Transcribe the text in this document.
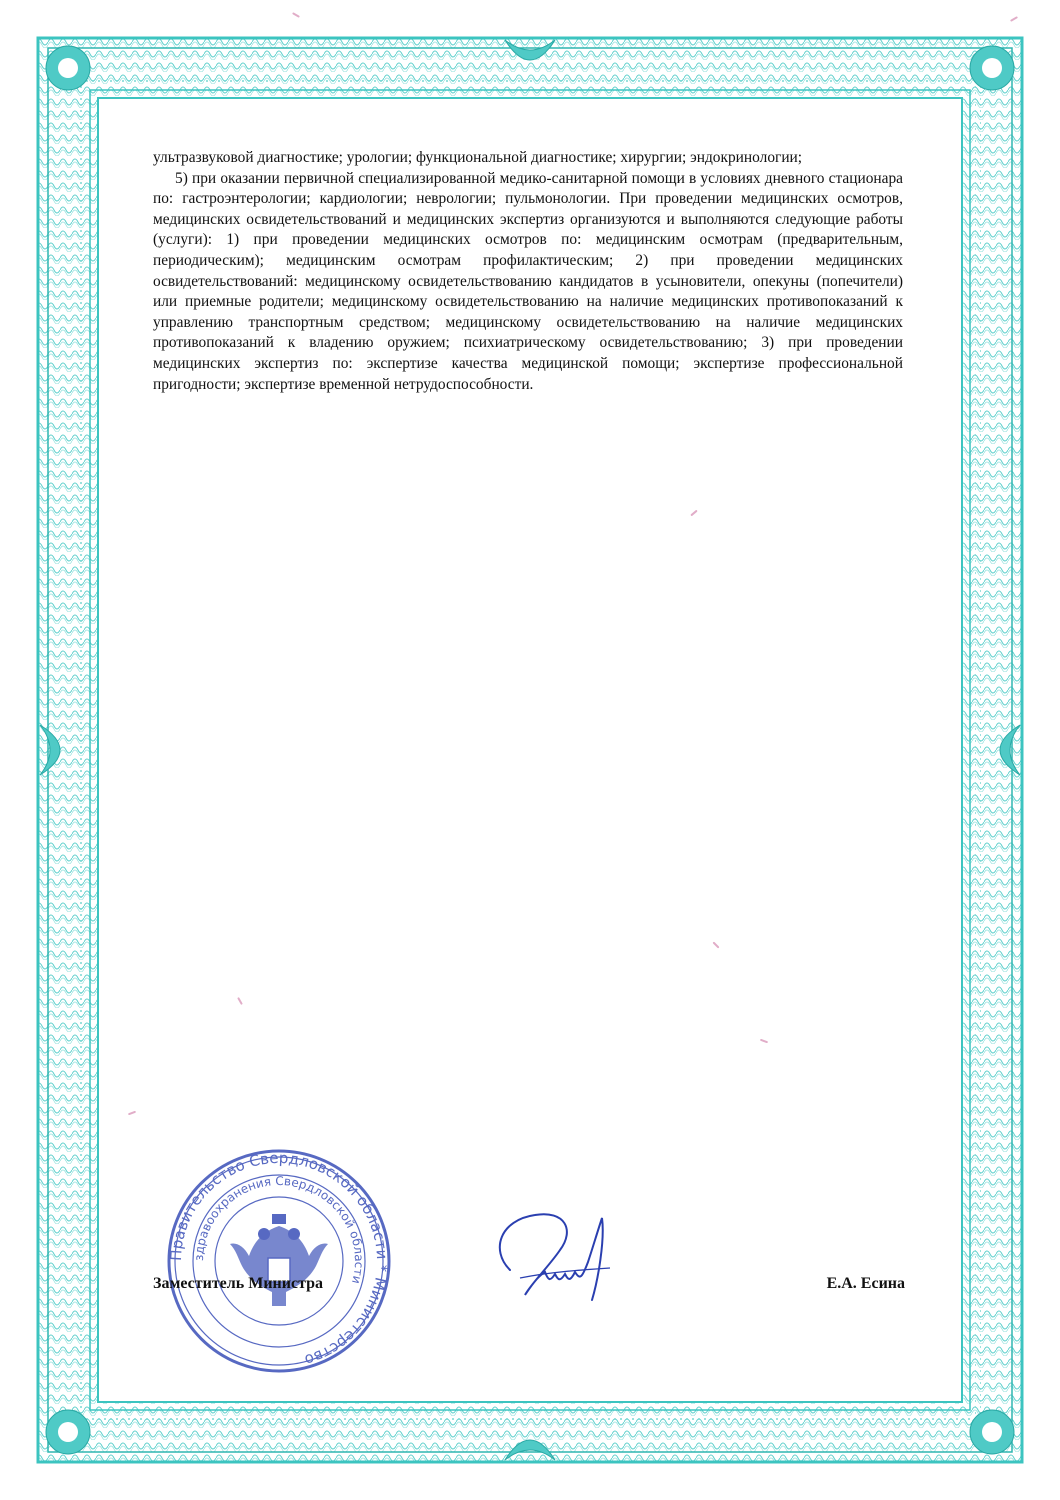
ультразвуковой диагностике; урологии; функциональной диагностике; хирургии; эндокринологии;

5) при оказании первичной специализированной медико-санитарной помощи в условиях дневного стационара по: гастроэнтерологии; кардиологии; неврологии; пульмонологии. При проведении медицинских осмотров, медицинских освидетельствований и медицинских экспертиз организуются и выполняются следующие работы (услуги): 1) при проведении медицинских осмотров по: медицинским осмотрам (предварительным, периодическим); медицинским осмотрам профилактическим; 2) при проведении медицинских освидетельствований: медицинскому освидетельствованию кандидатов в усыновители, опекуны (попечители) или приемные родители; медицинскому освидетельствованию на наличие медицинских противопоказаний к управлению транспортным средством; медицинскому освидетельствованию на наличие медицинских противопоказаний к владению оружием; психиатрическому освидетельствованию; 3) при проведении медицинских экспертиз по: экспертизе качества медицинской помощи; экспертизе профессиональной пригодности; экспертизе временной нетрудоспособности.

Правительство Свердловской области * Министерство
здравоохранения Свердловской области
Заместитель Министра	Е.А. Есина
